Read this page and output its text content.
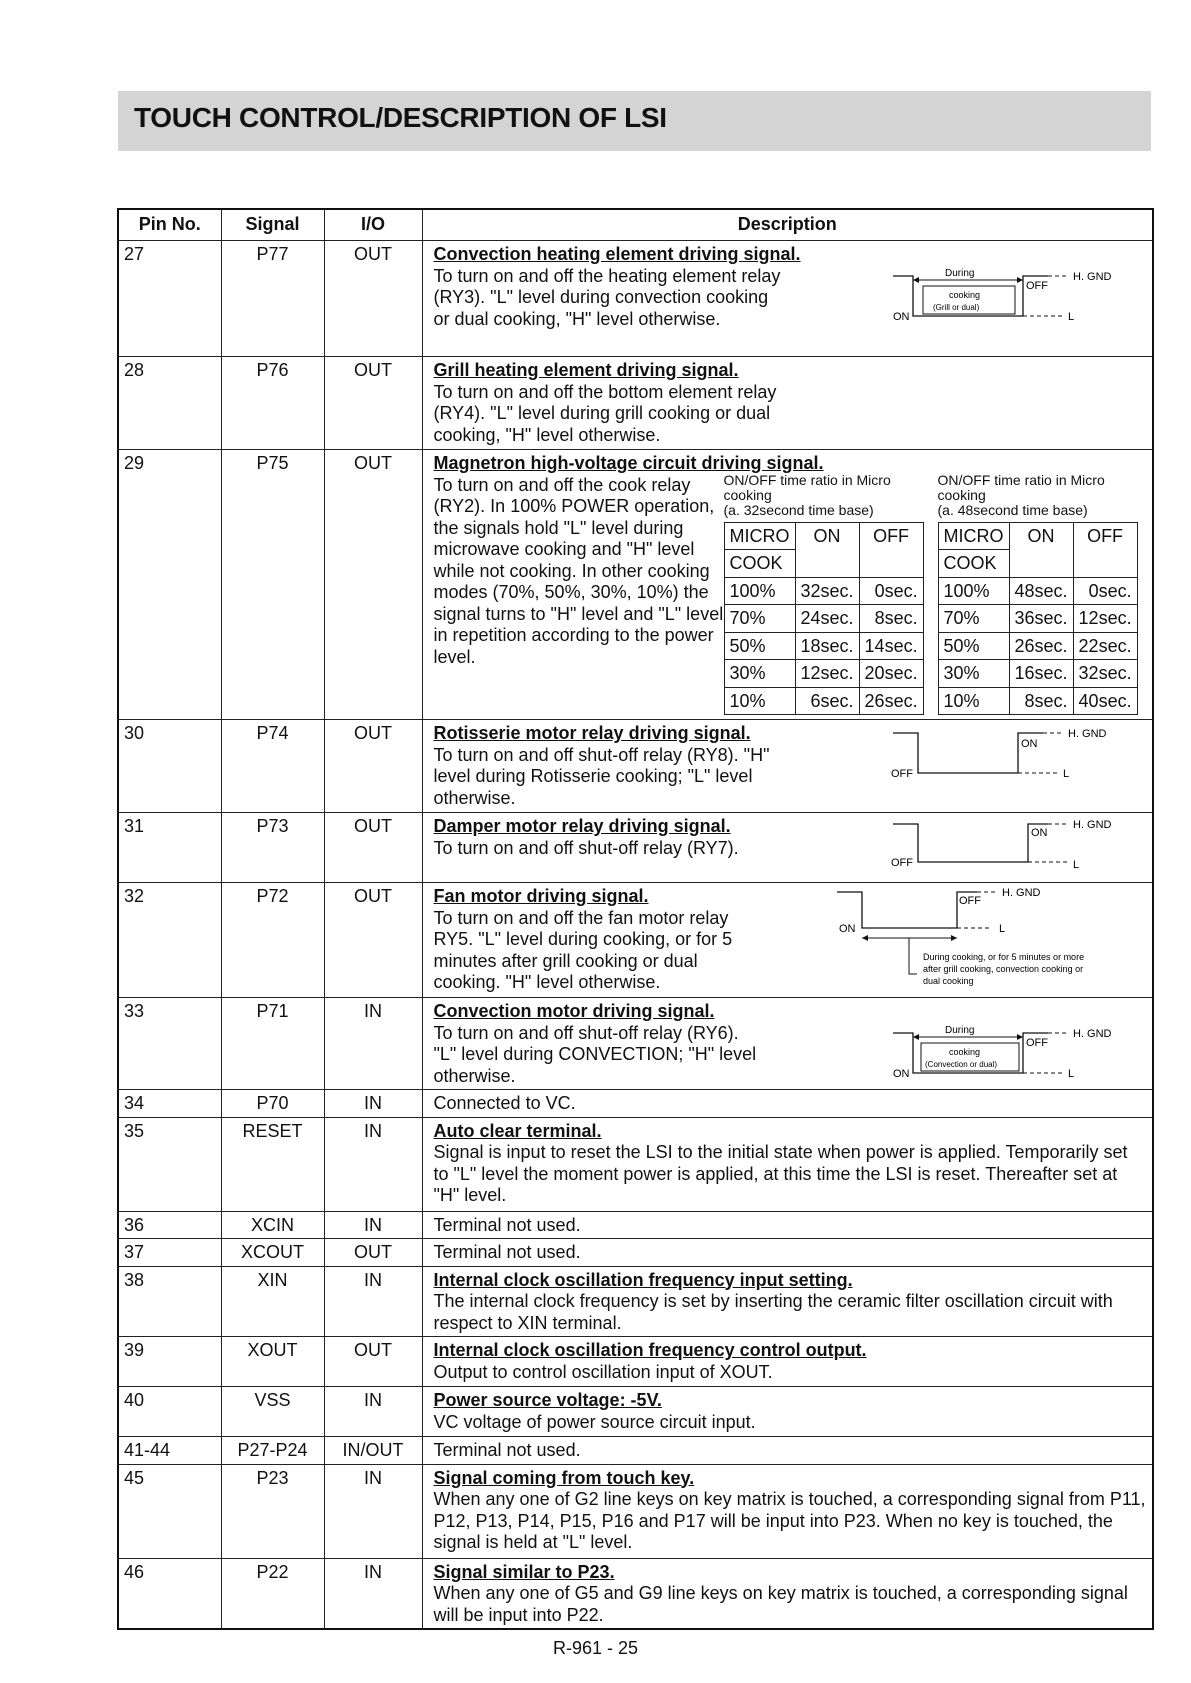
TOUCH CONTROL/DESCRIPTION OF LSI
Pin No.	Signal	I/O	Description
27	P77	OUT	Convection heating element driving signal.
To turn on and off the heating element relay (RY3). "L" level during convection cooking or dual cooking, "H" level otherwise.
During
cooking
(Grill or dual)
OFF
ON
H. GND
L

28	P76	OUT	Grill heating element driving signal.
To turn on and off the bottom element relay (RY4). "L" level during grill cooking or dual cooking, "H" level otherwise.

29	P75	OUT	Magnetron high-voltage circuit driving signal.
To turn on and off the cook relay (RY2). In 100% POWER operation, the signals hold "L" level during microwave cooking and "H" level while not cooking. In other cooking modes (70%, 50%, 30%, 10%) the signal turns to "H" level and "L" level in repetition according to the power level.
ON/OFF time ratio in Micro
cooking
(a. 32second time base)
MICRO	ON	OFF
COOK
100%	32sec.	0sec.
70%	24sec.	8sec.
50%	18sec.	14sec.
30%	12sec.	20sec.
10%	6sec.	26sec.
ON/OFF time ratio in Micro
cooking
(a. 48second time base)
MICRO	ON	OFF
COOK
100%	48sec.	0sec.
70%	36sec.	12sec.
50%	26sec.	22sec.
30%	16sec.	32sec.
10%	8sec.	40sec.

30	P74	OUT	Rotisserie motor relay driving signal.
To turn on and off shut-off relay (RY8). "H" level during Rotisserie cooking; "L" level otherwise.
ON
OFF
H. GND
L

31	P73	OUT	Damper motor relay driving signal.
To turn on and off shut-off relay (RY7).
ON
OFF
H. GND
L

32	P72	OUT	Fan motor driving signal.
To turn on and off the fan motor relay RY5. "L" level during cooking, or for 5 minutes after grill cooking or dual cooking. "H" level otherwise.
OFF
ON
H. GND
L
During cooking, or for 5 minutes or more
after grill cooking, convection cooking or
dual cooking

33	P71	IN	Convection motor driving signal.
To turn on and off shut-off relay (RY6). "L" level during CONVECTION; "H" level otherwise.
During
cooking
(Convection or dual)
OFF
ON
H. GND
L

34	P70	IN	Connected to VC.

35	RESET	IN	Auto clear terminal.
Signal is input to reset the LSI to the initial state when power is applied. Temporarily set to "L" level the moment power is applied, at this time the LSI is reset. Thereafter set at "H" level.

36	XCIN	IN	Terminal not used.

37	XCOUT	OUT	Terminal not used.

38	XIN	IN	Internal clock oscillation frequency input setting.
The internal clock frequency is set by inserting the ceramic filter oscillation circuit with respect to XIN terminal.

39	XOUT	OUT	Internal clock oscillation frequency control output.
Output to control oscillation input of XOUT.

40	VSS	IN	Power source voltage: -5V.
VC voltage of power source circuit input.

41-44	P27-P24	IN/OUT	Terminal not used.

45	P23	IN	Signal coming from touch key.
When any one of G2 line keys on key matrix is touched, a corresponding signal from P11, P12, P13, P14, P15, P16 and P17 will be input into P23. When no key is touched, the signal is held at "L" level.

46	P22	IN	Signal similar to P23.
When any one of G5 and G9 line keys on key matrix is touched, a corresponding signal will be input into P22.
R-961 - 25
